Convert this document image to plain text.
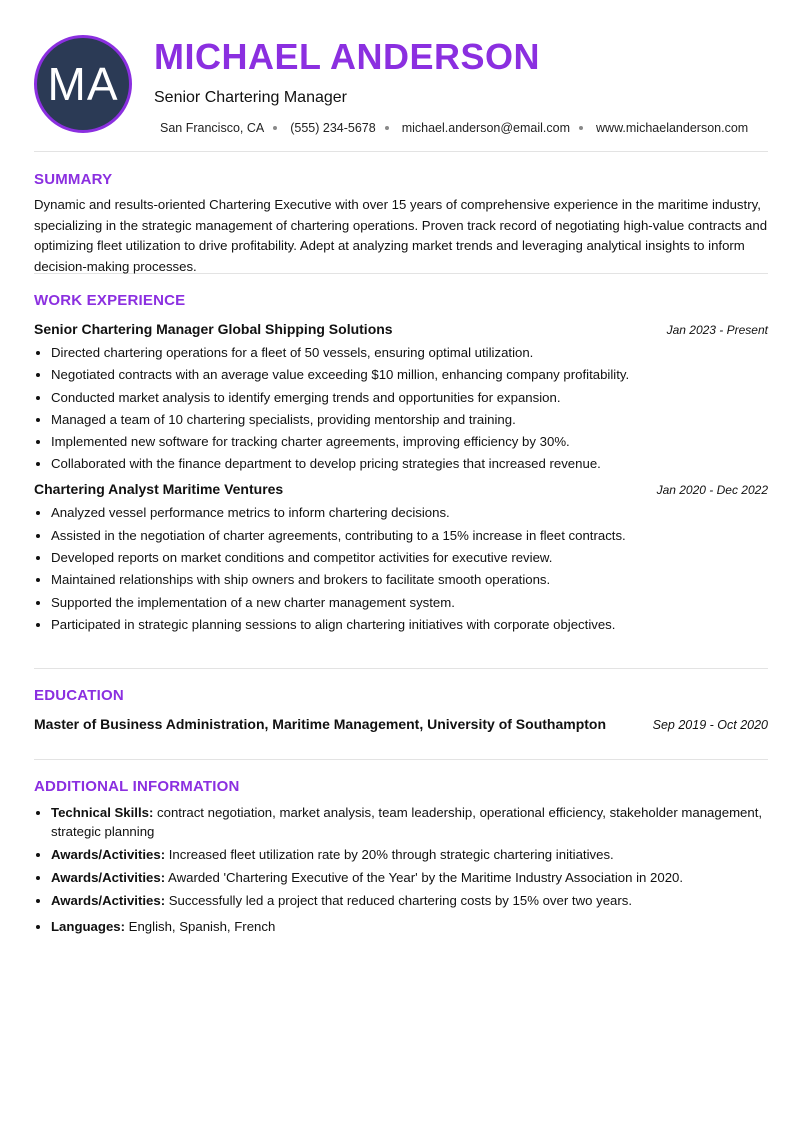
MA
MICHAEL ANDERSON
Senior Chartering Manager
San Francisco, CA (555) 234-5678 michael.anderson@email.com www.michaelanderson.com
SUMMARY
Dynamic and results-oriented Chartering Executive with over 15 years of comprehensive experience in the maritime industry, specializing in the strategic management of chartering operations. Proven track record of negotiating high-value contracts and optimizing fleet utilization to drive profitability. Adept at analyzing market trends and leveraging analytical insights to inform decision-making processes.
WORK EXPERIENCE
Senior Chartering Manager Global Shipping Solutions	Jan 2023 - Present
• Directed chartering operations for a fleet of 50 vessels, ensuring optimal utilization.
• Negotiated contracts with an average value exceeding $10 million, enhancing company profitability.
• Conducted market analysis to identify emerging trends and opportunities for expansion.
• Managed a team of 10 chartering specialists, providing mentorship and training.
• Implemented new software for tracking charter agreements, improving efficiency by 30%.
• Collaborated with the finance department to develop pricing strategies that increased revenue.
Chartering Analyst Maritime Ventures	Jan 2020 - Dec 2022
• Analyzed vessel performance metrics to inform chartering decisions.
• Assisted in the negotiation of charter agreements, contributing to a 15% increase in fleet contracts.
• Developed reports on market conditions and competitor activities for executive review.
• Maintained relationships with ship owners and brokers to facilitate smooth operations.
• Supported the implementation of a new charter management system.
• Participated in strategic planning sessions to align chartering initiatives with corporate objectives.
EDUCATION
Master of Business Administration, Maritime Management, University of Southampton	Sep 2019 - Oct 2020
ADDITIONAL INFORMATION
• Technical Skills: contract negotiation, market analysis, team leadership, operational efficiency, stakeholder management, strategic planning
• Awards/Activities: Increased fleet utilization rate by 20% through strategic chartering initiatives.
• Awards/Activities: Awarded 'Chartering Executive of the Year' by the Maritime Industry Association in 2020.
• Awards/Activities: Successfully led a project that reduced chartering costs by 15% over two years.
• Languages: English, Spanish, French
